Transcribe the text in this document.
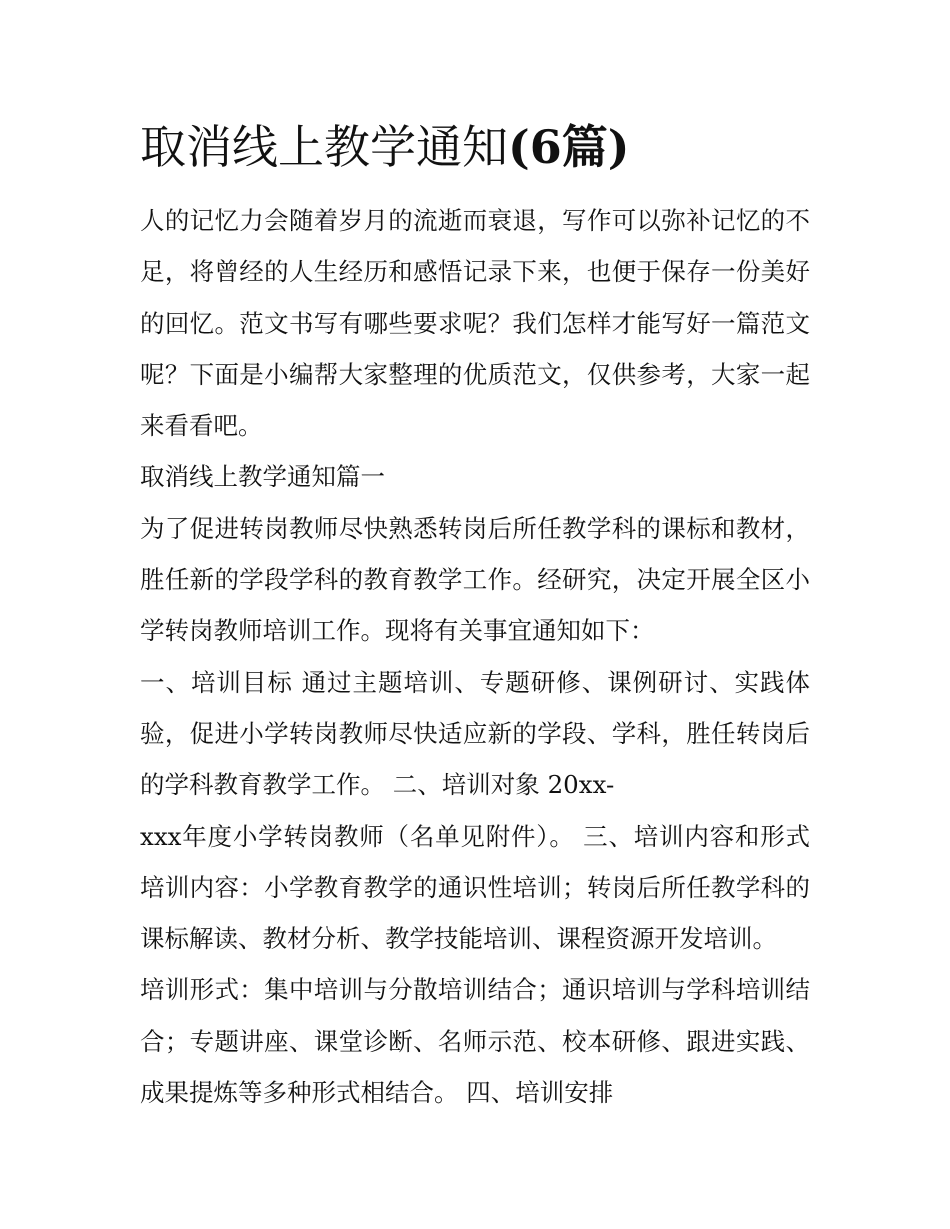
取消线上教学通知(6篇)
人的记忆力会随着岁月的流逝而衰退，写作可以弥补记忆的不
足，将曾经的人生经历和感悟记录下来，也便于保存一份美好
的回忆。范文书写有哪些要求呢？我们怎样才能写好一篇范文
呢？下面是小编帮大家整理的优质范文，仅供参考，大家一起
来看看吧。
取消线上教学通知篇一
为了促进转岗教师尽快熟悉转岗后所任教学科的课标和教材，
胜任新的学段学科的教育教学工作。经研究，决定开展全区小
学转岗教师培训工作。现将有关事宜通知如下：
一、培训目标 通过主题培训、专题研修、课例研讨、实践体
验，促进小学转岗教师尽快适应新的学段、学科，胜任转岗后
的学科教育教学工作。 二、培训对象 20xx-
xxx年度小学转岗教师（名单见附件）。 三、培训内容和形式
培训内容：小学教育教学的通识性培训；转岗后所任教学科的
课标解读、教材分析、教学技能培训、课程资源开发培训。
培训形式：集中培训与分散培训结合；通识培训与学科培训结
合；专题讲座、课堂诊断、名师示范、校本研修、跟进实践、
成果提炼等多种形式相结合。 四、培训安排
